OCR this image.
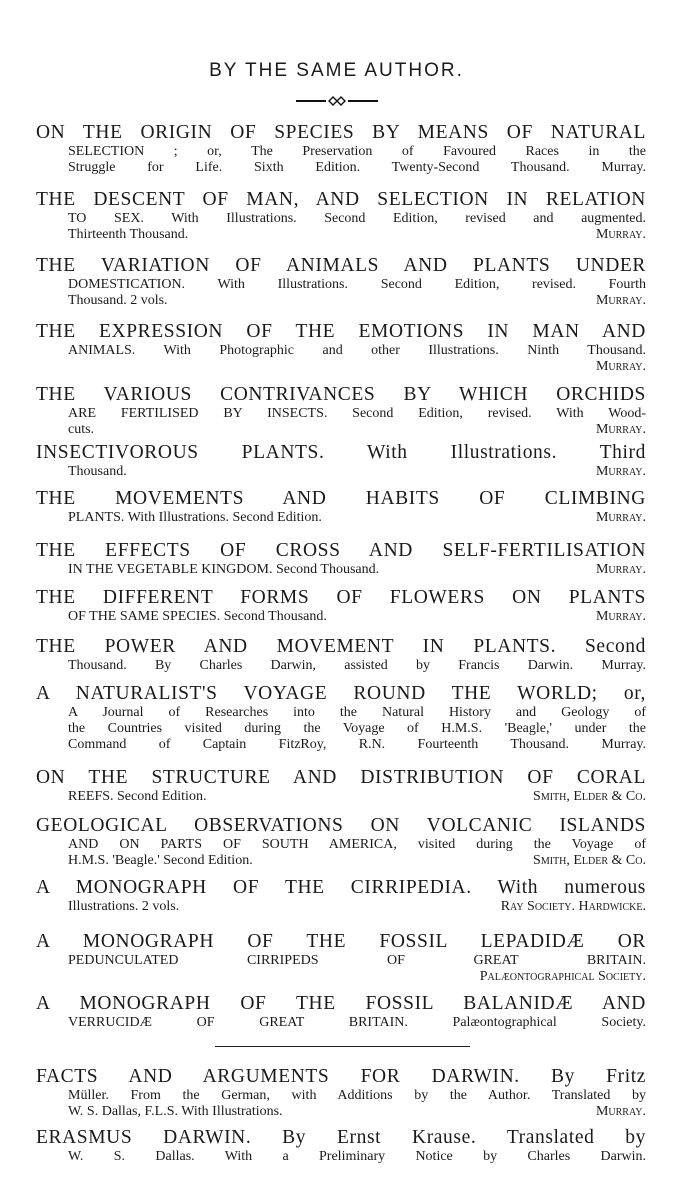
BY THE SAME AUTHOR.
ON THE ORIGIN OF SPECIES BY MEANS OF NATURAL
SELECTION ; or, The Preservation of Favoured Races in the
Struggle for Life. Sixth Edition. Twenty-Second Thousand. Murray.
THE DESCENT OF MAN, AND SELECTION IN RELATION
TO SEX. With Illustrations. Second Edition, revised and augmented.
Thirteenth Thousand.	Murray.
THE VARIATION OF ANIMALS AND PLANTS UNDER
DOMESTICATION. With Illustrations. Second Edition, revised. Fourth
Thousand. 2 vols.	Murray.
THE EXPRESSION OF THE EMOTIONS IN MAN AND
ANIMALS. With Photographic and other Illustrations. Ninth Thousand.
Murray.
THE VARIOUS CONTRIVANCES BY WHICH ORCHIDS
ARE FERTILISED BY INSECTS. Second Edition, revised. With Wood-
cuts.	Murray.
INSECTIVOROUS PLANTS. With Illustrations. Third
Thousand.	Murray.
THE MOVEMENTS AND HABITS OF CLIMBING
PLANTS. With Illustrations. Second Edition.	Murray.
THE EFFECTS OF CROSS AND SELF-FERTILISATION
IN THE VEGETABLE KINGDOM. Second Thousand.	Murray.
THE DIFFERENT FORMS OF FLOWERS ON PLANTS
OF THE SAME SPECIES. Second Thousand.	Murray.
THE POWER AND MOVEMENT IN PLANTS. Second
Thousand. By Charles Darwin, assisted by Francis Darwin. Murray.
A NATURALIST'S VOYAGE ROUND THE WORLD; or,
A Journal of Researches into the Natural History and Geology of
the Countries visited during the Voyage of H.M.S. 'Beagle,' under the
Command of Captain FitzRoy, R.N. Fourteenth Thousand. Murray.
ON THE STRUCTURE AND DISTRIBUTION OF CORAL
REEFS. Second Edition.	Smith, Elder & Co.
GEOLOGICAL OBSERVATIONS ON VOLCANIC ISLANDS
AND ON PARTS OF SOUTH AMERICA, visited during the Voyage of
H.M.S. 'Beagle.' Second Edition.	Smith, Elder & Co.
A MONOGRAPH OF THE CIRRIPEDIA. With numerous
Illustrations. 2 vols.	Ray Society. Hardwicke.
A MONOGRAPH OF THE FOSSIL LEPADIDÆ OR
PEDUNCULATED CIRRIPEDS OF GREAT BRITAIN.
Palæontographical Society.
A MONOGRAPH OF THE FOSSIL BALANIDÆ AND
VERRUCIDÆ OF GREAT BRITAIN. Palæontographical Society.
FACTS AND ARGUMENTS FOR DARWIN. By Fritz
Müller. From the German, with Additions by the Author. Translated by
W. S. Dallas, F.L.S. With Illustrations.	Murray.
ERASMUS DARWIN. By Ernst Krause. Translated by
W. S. Dallas. With a Preliminary Notice by Charles Darwin.
